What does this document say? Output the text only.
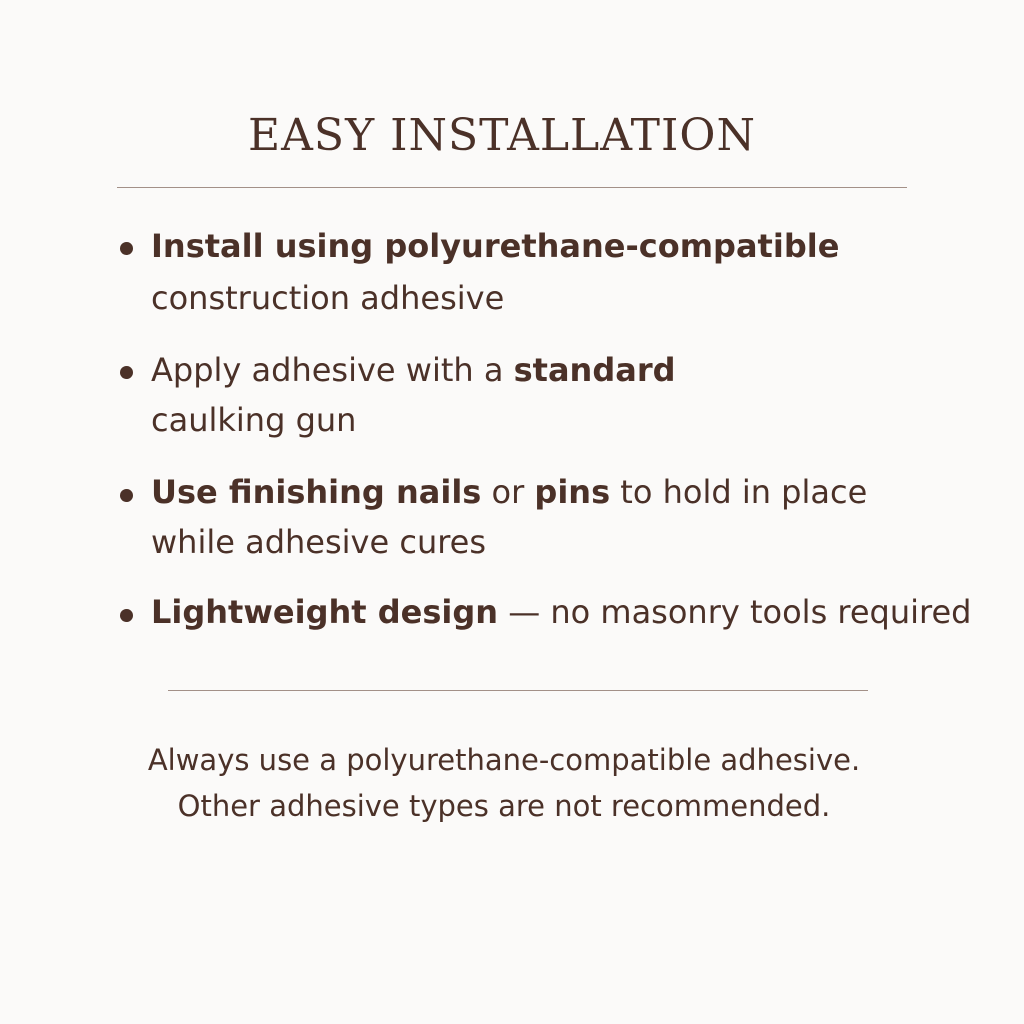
EASY INSTALLATION
Install using polyurethane-compatible
construction adhesive
Apply adhesive with a standard
caulking gun
Use finishing nails or pins to hold in place
while adhesive cures
Lightweight design — no masonry tools required
Always use a polyurethane-compatible adhesive.
Other adhesive types are not recommended.
